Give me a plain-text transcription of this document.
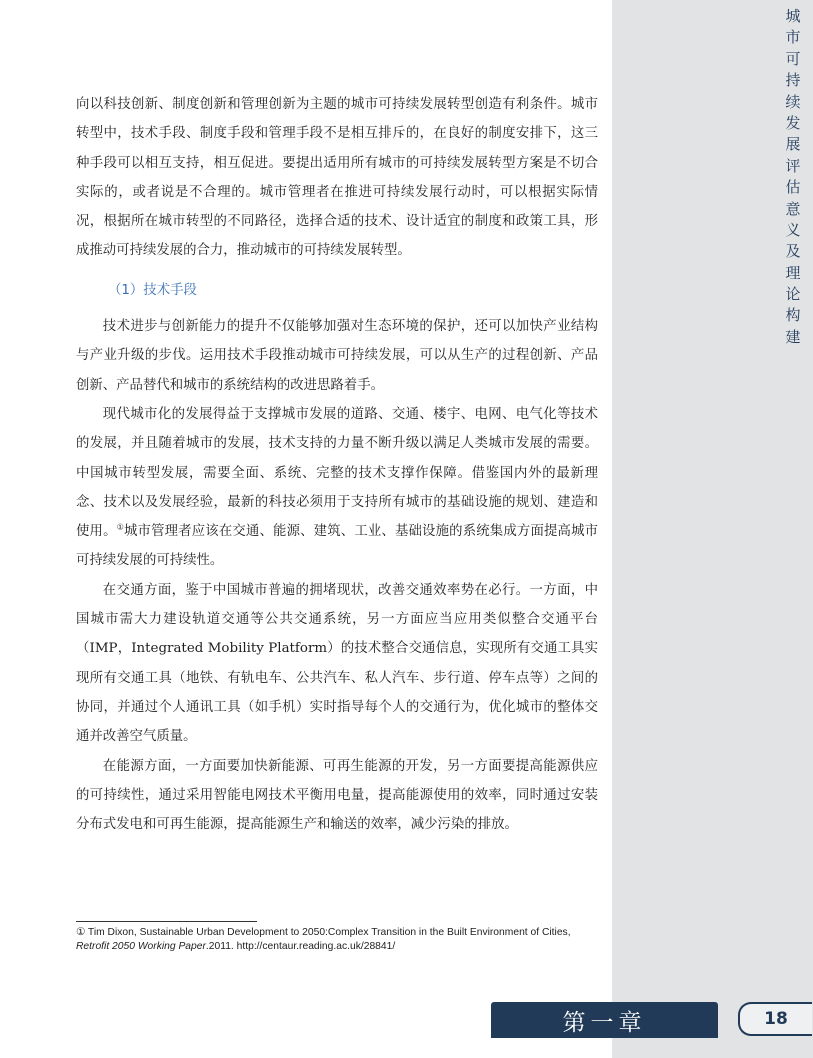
城
市
可
持
续
发
展
评
估
意
义
及
理
论
构
建

向以科技创新、制度创新和管理创新为主题的城市可持续发展转型创造有利条件。城市转型中，技术手段、制度手段和管理手段不是相互排斥的，在良好的制度安排下，这三种手段可以相互支持，相互促进。要提出适用所有城市的可持续发展转型方案是不切合实际的，或者说是不合理的。城市管理者在推进可持续发展行动时，可以根据实际情况，根据所在城市转型的不同路径，选择合适的技术、设计适宜的制度和政策工具，形成推动可持续发展的合力，推动城市的可持续发展转型。

（1）技术手段

技术进步与创新能力的提升不仅能够加强对生态环境的保护，还可以加快产业结构与产业升级的步伐。运用技术手段推动城市可持续发展，可以从生产的过程创新、产品创新、产品替代和城市的系统结构的改进思路着手。

现代城市化的发展得益于支撑城市发展的道路、交通、楼宇、电网、电气化等技术的发展，并且随着城市的发展，技术支持的力量不断升级以满足人类城市发展的需要。中国城市转型发展，需要全面、系统、完整的技术支撑作保障。借鉴国内外的最新理念、技术以及发展经验，最新的科技必须用于支持所有城市的基础设施的规划、建造和使用。①城市管理者应该在交通、能源、建筑、工业、基础设施的系统集成方面提高城市可持续发展的可持续性。

在交通方面，鉴于中国城市普遍的拥堵现状，改善交通效率势在必行。一方面，中国城市需大力建设轨道交通等公共交通系统，另一方面应当应用类似整合交通平台（IMP，Integrated Mobility Platform）的技术整合交通信息，实现所有交通工具实现所有交通工具（地铁、有轨电车、公共汽车、私人汽车、步行道、停车点等）之间的协同，并通过个人通讯工具（如手机）实时指导每个人的交通行为，优化城市的整体交通并改善空气质量。

在能源方面，一方面要加快新能源、可再生能源的开发，另一方面要提高能源供应的可持续性，通过采用智能电网技术平衡用电量，提高能源使用的效率，同时通过安装分布式发电和可再生能源，提高能源生产和输送的效率，减少污染的排放。

① Tim Dixon, Sustainable Urban Development to 2050:Complex Transition in the Built Environment of Cities, Retrofit 2050 Working Paper.2011. http://centaur.reading.ac.uk/28841/
第一章	18
